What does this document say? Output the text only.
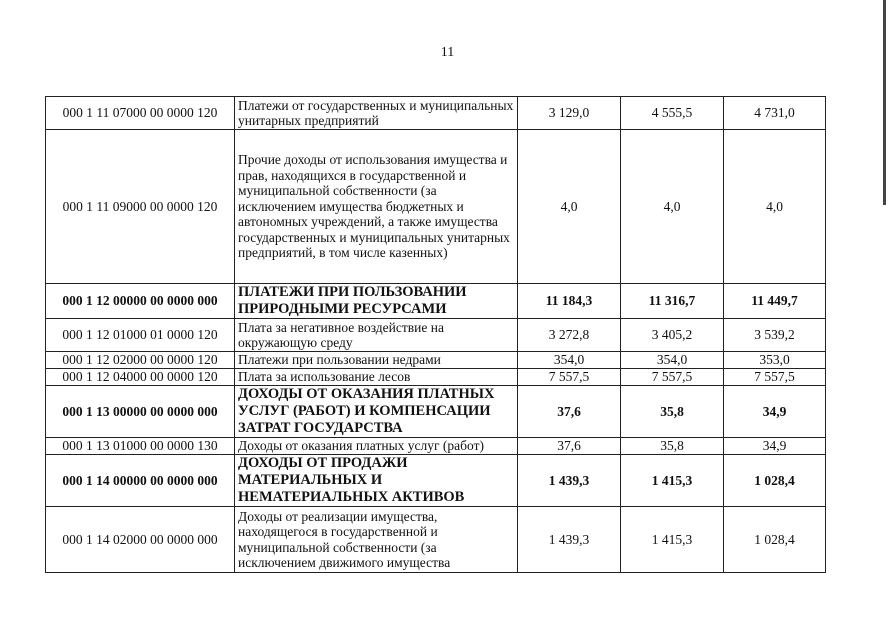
11
000 1 11 07000 00 0000 120	Платежи от государственных и муниципальных унитарных предприятий	3 129,0	4 555,5	4 731,0
000 1 11 09000 00 0000 120	Прочие доходы от использования имущества и прав, находящихся в государственной и муниципальной собственности (за исключением имущества бюджетных и автономных учреждений, а также имущества государственных и муниципальных унитарных предприятий, в том числе казенных)	4,0	4,0	4,0
000 1 12 00000 00 0000 000	ПЛАТЕЖИ ПРИ ПОЛЬЗОВАНИИ ПРИРОДНЫМИ РЕСУРСАМИ	11 184,3	11 316,7	11 449,7
000 1 12 01000 01 0000 120	Плата за негативное воздействие на окружающую среду	3 272,8	3 405,2	3 539,2
000 1 12 02000 00 0000 120	Платежи при пользовании недрами	354,0	354,0	353,0
000 1 12 04000 00 0000 120	Плата за использование лесов	7 557,5	7 557,5	7 557,5
000 1 13 00000 00 0000 000	ДОХОДЫ ОТ ОКАЗАНИЯ ПЛАТНЫХ УСЛУГ (РАБОТ) И КОМПЕНСАЦИИ ЗАТРАТ ГОСУДАРСТВА	37,6	35,8	34,9
000 1 13 01000 00 0000 130	Доходы от оказания платных услуг (работ)	37,6	35,8	34,9
000 1 14 00000 00 0000 000	ДОХОДЫ ОТ ПРОДАЖИ МАТЕРИАЛЬНЫХ И НЕМАТЕРИАЛЬНЫХ АКТИВОВ	1 439,3	1 415,3	1 028,4
000 1 14 02000 00 0000 000	Доходы от реализации имущества, находящегося в государственной и муниципальной собственности (за исключением движимого имущества	1 439,3	1 415,3	1 028,4
